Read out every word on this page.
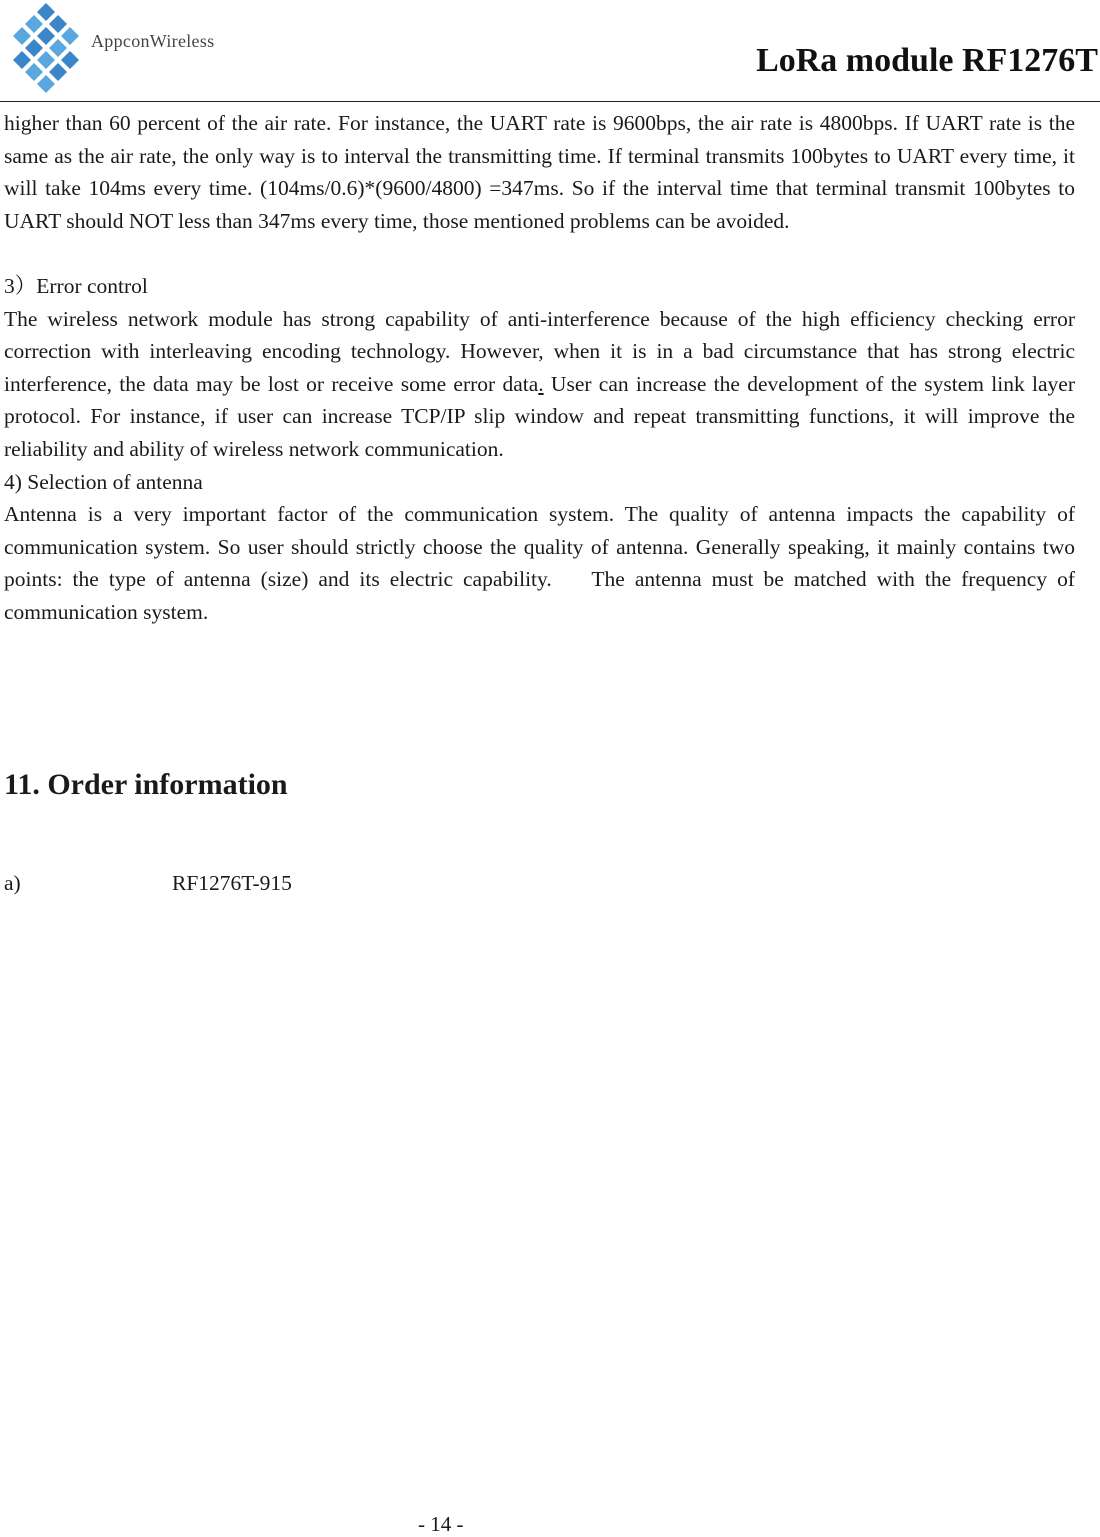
AppconWireless
LoRa module RF1276T

higher than 60 percent of the air rate. For instance, the UART rate is 9600bps, the air rate is 4800bps. If UART rate is the same as the air rate, the only way is to interval the transmitting time. If terminal transmits 100bytes to UART every time, it will take 104ms every time. (104ms/0.6)*(9600/4800) =347ms. So if the interval time that terminal transmit 100bytes to UART should NOT less than 347ms every time, those mentioned problems can be avoided.

3）Error control

The wireless network module has strong capability of anti-interference because of the high efficiency checking error correction with interleaving encoding technology. However, when it is in a bad circumstance that has strong electric interference, the data may be lost or receive some error data. User can increase the development of the system link layer protocol. For instance, if user can increase TCP/IP slip window and repeat transmitting functions, it will improve the reliability and ability of wireless network communication.

4) Selection of antenna

Antenna is a very important factor of the communication system. The quality of antenna impacts the capability of communication system. So user should strictly choose the quality of antenna. Generally speaking, it mainly contains two points: the type of antenna (size) and its electric capability.    The antenna must be matched with the frequency of communication system.

11. Order information
a)	RF1276T-915
- 14 -
